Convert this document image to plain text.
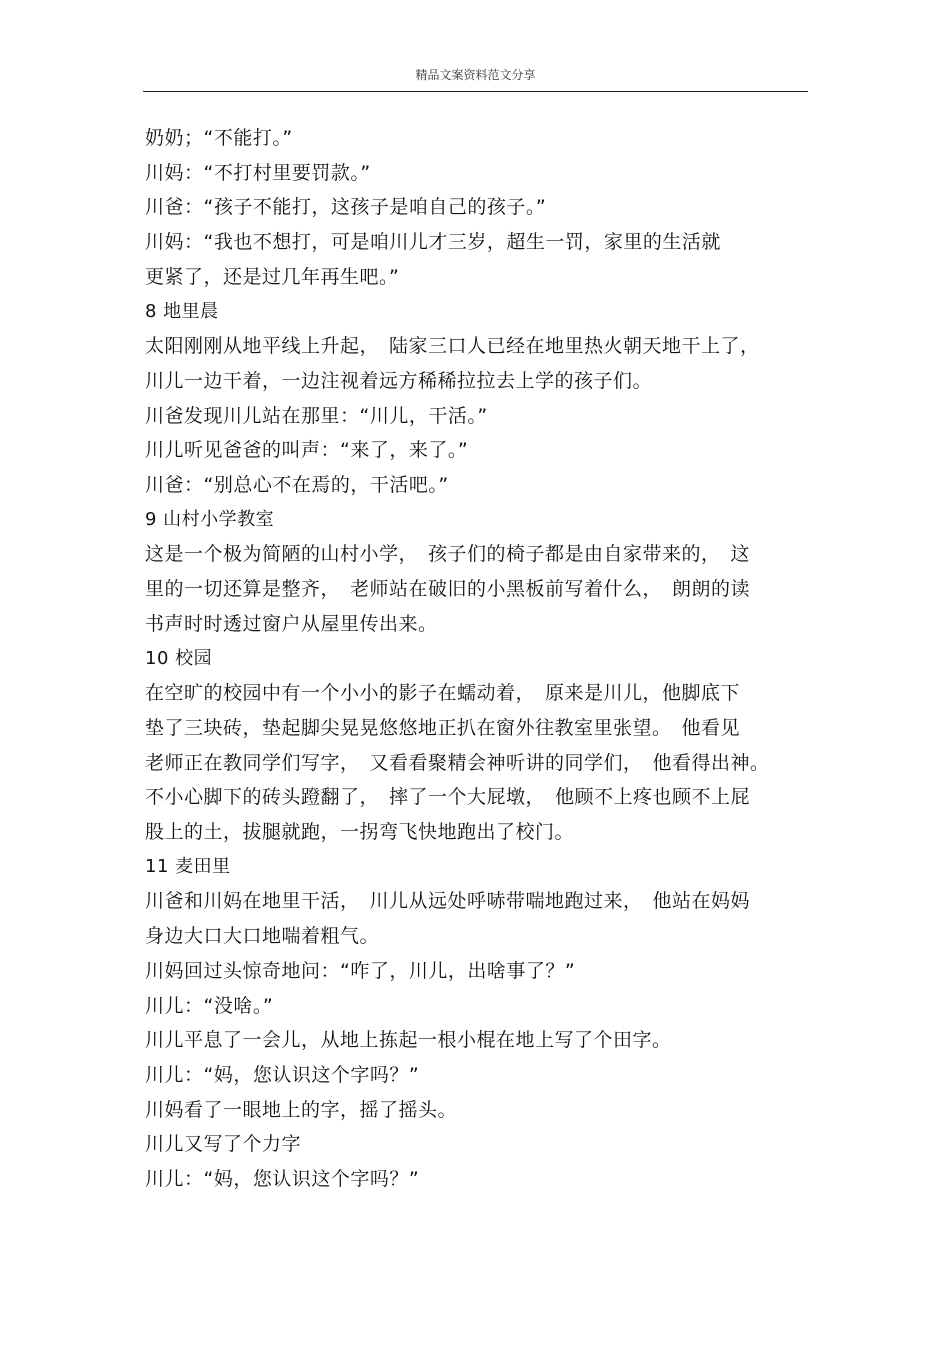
精品文案资料范文分享

奶奶；“不能打。”

川妈：“不打村里要罚款。”

川爸：“孩子不能打，这孩子是咱自己的孩子。”

川妈：“我也不想打，可是咱川儿才三岁，超生一罚，家里的生活就

更紧了，还是过几年再生吧。”

8 地里晨

太阳刚刚从地平线上升起，　陆家三口人已经在地里热火朝天地干上了，

川儿一边干着，一边注视着远方稀稀拉拉去上学的孩子们。

川爸发现川儿站在那里：“川儿，干活。”

川儿听见爸爸的叫声：“来了，来了。”

川爸：“别总心不在焉的，干活吧。”

9 山村小学教室

这是一个极为简陋的山村小学，　孩子们的椅子都是由自家带来的，　这

里的一切还算是整齐，　老师站在破旧的小黑板前写着什么，　朗朗的读

书声时时透过窗户从屋里传出来。

10 校园

在空旷的校园中有一个小小的影子在蠕动着，　原来是川儿，他脚底下

垫了三块砖，垫起脚尖晃晃悠悠地正扒在窗外往教室里张望。　他看见

老师正在教同学们写字，　又看看聚精会神听讲的同学们，　他看得出神。

不小心脚下的砖头蹬翻了，　摔了一个大屁墩，　他顾不上疼也顾不上屁

股上的土，拔腿就跑，一拐弯飞快地跑出了校门。

11 麦田里

川爸和川妈在地里干活，　川儿从远处呼哧带喘地跑过来，　他站在妈妈

身边大口大口地喘着粗气。

川妈回过头惊奇地问：“咋了，川儿，出啥事了？”

川儿：“没啥。”

川儿平息了一会儿，从地上拣起一根小棍在地上写了个田字。

川儿：“妈，您认识这个字吗？”

川妈看了一眼地上的字，摇了摇头。

川儿又写了个力字

川儿：“妈，您认识这个字吗？”
